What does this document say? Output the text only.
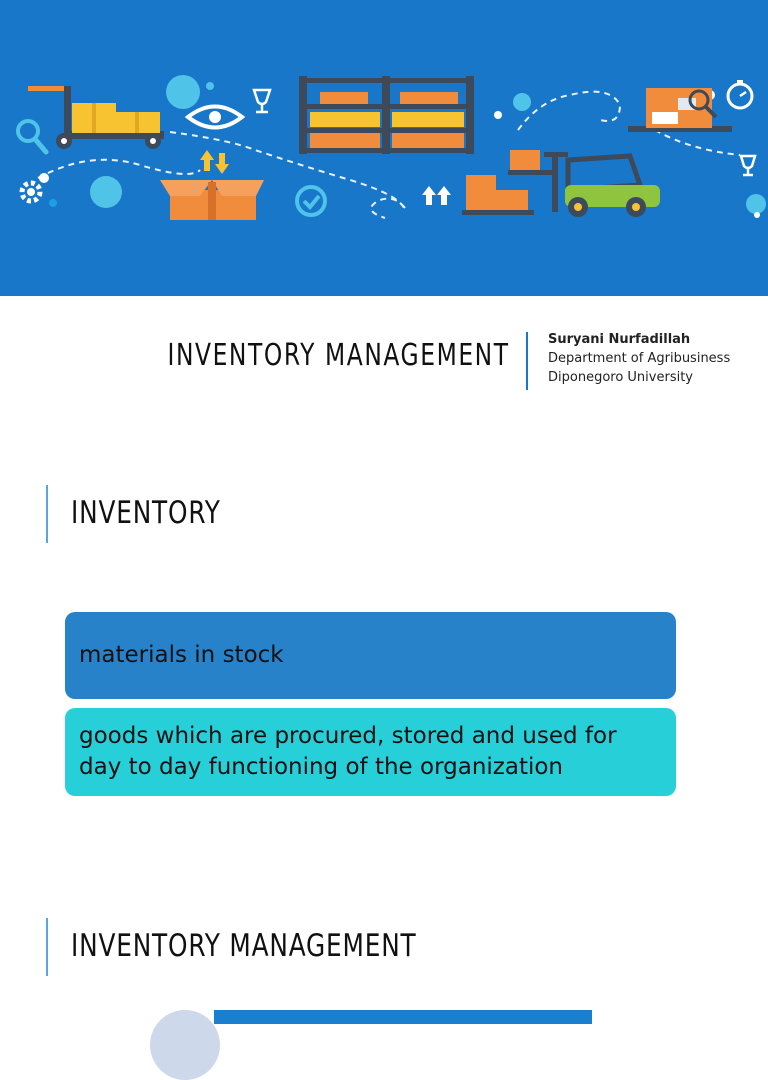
INVENTORY MANAGEMENT	Suryani Nurfadillah
Department of Agribusiness
Diponegoro University
INVENTORY
materials in stock
goods which are procured, stored and used for day to day functioning of the organization
INVENTORY MANAGEMENT
